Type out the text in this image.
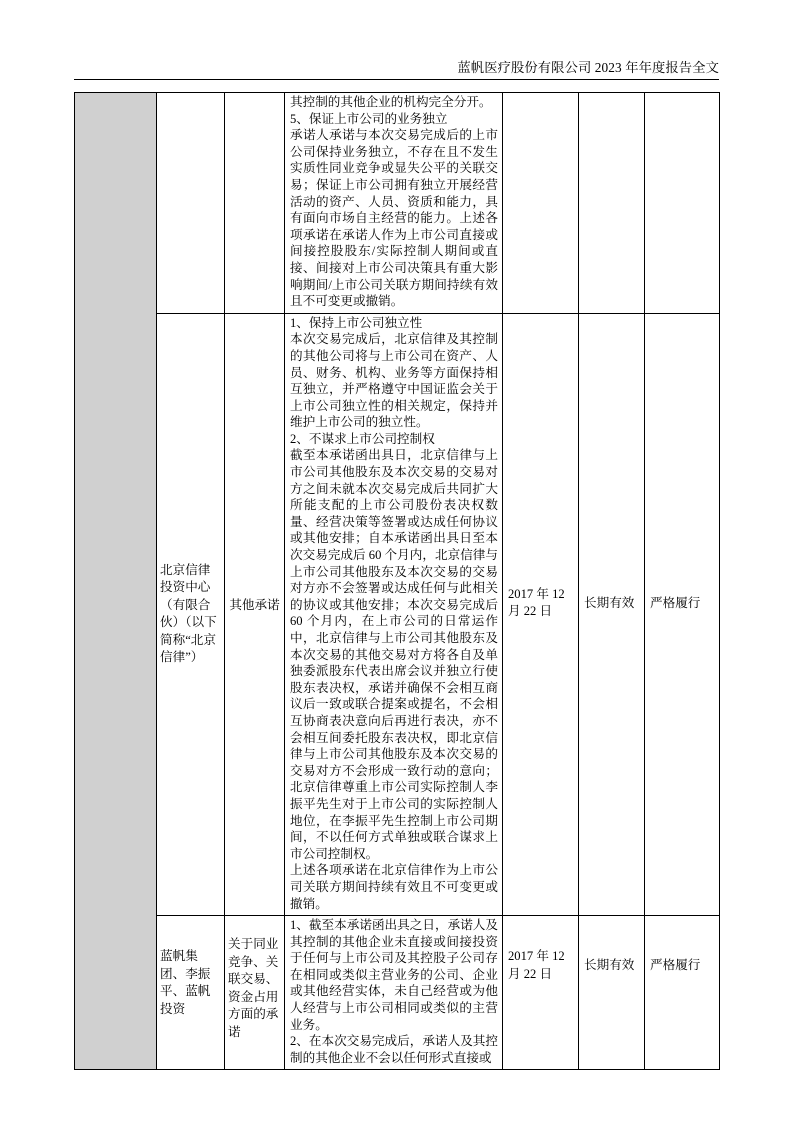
蓝帆医疗股份有限公司 2023 年年度报告全文

			其控制的其他企业的机构完全分开。
5、保证上市公司的业务独立
承诺人承诺与本次交易完成后的上市公司保持业务独立，不存在且不发生实质性同业竞争或显失公平的关联交易；保证上市公司拥有独立开展经营活动的资产、人员、资质和能力，具有面向市场自主经营的能力。上述各项承诺在承诺人作为上市公司直接或间接控股股东/实际控制人期间或直接、间接对上市公司决策具有重大影响期间/上市公司关联方期间持续有效且不可变更或撤销。			

	北京信律投资中心（有限合伙）（以下简称“北京信律”）	其他承诺	1、保持上市公司独立性
本次交易完成后，北京信律及其控制的其他公司将与上市公司在资产、人员、财务、机构、业务等方面保持相互独立，并严格遵守中国证监会关于上市公司独立性的相关规定，保持并维护上市公司的独立性。
2、不谋求上市公司控制权
截至本承诺函出具日，北京信律与上市公司其他股东及本次交易的交易对方之间未就本次交易完成后共同扩大所能支配的上市公司股份表决权数量、经营决策等签署或达成任何协议或其他安排；自本承诺函出具日至本次交易完成后 60 个月内，北京信律与上市公司其他股东及本次交易的交易对方亦不会签署或达成任何与此相关的协议或其他安排；本次交易完成后 60 个月内，在上市公司的日常运作中，北京信律与上市公司其他股东及本次交易的其他交易对方将各自及单独委派股东代表出席会议并独立行使股东表决权，承诺并确保不会相互商议后一致或联合提案或提名，不会相互协商表决意向后再进行表决，亦不会相互间委托股东表决权，即北京信律与上市公司其他股东及本次交易的交易对方不会形成一致行动的意向；北京信律尊重上市公司实际控制人李振平先生对于上市公司的实际控制人地位，在李振平先生控制上市公司期间，不以任何方式单独或联合谋求上市公司控制权。
上述各项承诺在北京信律作为上市公司关联方期间持续有效且不可变更或撤销。	2017 年 12 月 22 日	长期有效	严格履行

	蓝帆集团、李振平、蓝帆投资	关于同业竞争、关联交易、资金占用方面的承诺	1、截至本承诺函出具之日，承诺人及其控制的其他企业未直接或间接投资于任何与上市公司及其控股子公司存在相同或类似主营业务的公司、企业或其他经营实体，未自己经营或为他人经营与上市公司相同或类似的主营业务。
2、在本次交易完成后，承诺人及其控制的其他企业不会以任何形式直接或	2017 年 12 月 22 日	长期有效	严格履行
